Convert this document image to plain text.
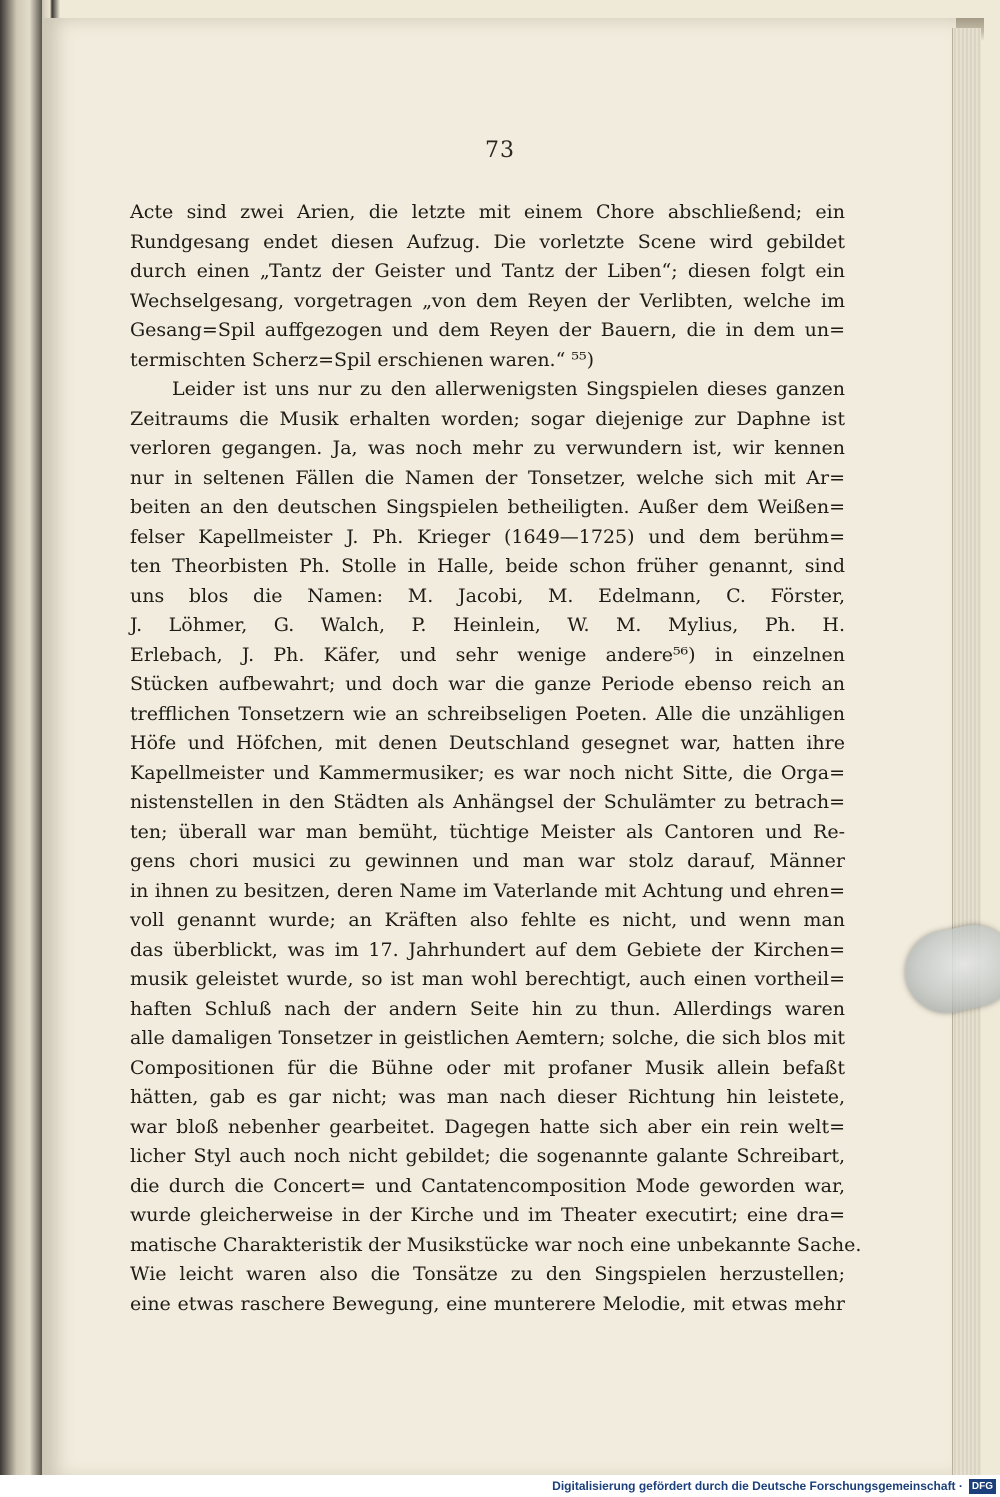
73
Acte sind zwei Arien, die letzte mit einem Chore abschließend; ein
Rundgesang endet diesen Aufzug. Die vorletzte Scene wird gebildet
durch einen „Tantz der Geister und Tantz der Liben“; diesen folgt ein
Wechselgesang, vorgetragen „von dem Reyen der Verlibten, welche im
Gesang=Spil auffgezogen und dem Reyen der Bauern, die in dem un=
termischten Scherz=Spil erschienen waren.“ ⁵⁵)
Leider ist uns nur zu den allerwenigsten Singspielen dieses ganzen
Zeitraums die Musik erhalten worden; sogar diejenige zur Daphne ist
verloren gegangen. Ja, was noch mehr zu verwundern ist, wir kennen
nur in seltenen Fällen die Namen der Tonsetzer, welche sich mit Ar=
beiten an den deutschen Singspielen betheiligten. Außer dem Weißen=
felser Kapellmeister J. Ph. Krieger (1649—1725) und dem berühm=
ten Theorbisten Ph. Stolle in Halle, beide schon früher genannt, sind
uns blos die Namen: M. Jacobi, M. Edelmann, C. Förster,
J. Löhmer, G. Walch, P. Heinlein, W. M. Mylius, Ph. H.
Erlebach, J. Ph. Käfer, und sehr wenige andere⁵⁶) in einzelnen
Stücken aufbewahrt; und doch war die ganze Periode ebenso reich an
trefflichen Tonsetzern wie an schreibseligen Poeten. Alle die unzähligen
Höfe und Höfchen, mit denen Deutschland gesegnet war, hatten ihre
Kapellmeister und Kammermusiker; es war noch nicht Sitte, die Orga=
nistenstellen in den Städten als Anhängsel der Schulämter zu betrach=
ten; überall war man bemüht, tüchtige Meister als Cantoren und Re-
gens chori musici zu gewinnen und man war stolz darauf, Männer
in ihnen zu besitzen, deren Name im Vaterlande mit Achtung und ehren=
voll genannt wurde; an Kräften also fehlte es nicht, und wenn man
das überblickt, was im 17. Jahrhundert auf dem Gebiete der Kirchen=
musik geleistet wurde, so ist man wohl berechtigt, auch einen vortheil=
haften Schluß nach der andern Seite hin zu thun. Allerdings waren
alle damaligen Tonsetzer in geistlichen Aemtern; solche, die sich blos mit
Compositionen für die Bühne oder mit profaner Musik allein befaßt
hätten, gab es gar nicht; was man nach dieser Richtung hin leistete,
war bloß nebenher gearbeitet. Dagegen hatte sich aber ein rein welt=
licher Styl auch noch nicht gebildet; die sogenannte galante Schreibart,
die durch die Concert= und Cantatencomposition Mode geworden war,
wurde gleicherweise in der Kirche und im Theater executirt; eine dra=
matische Charakteristik der Musikstücke war noch eine unbekannte Sache.
Wie leicht waren also die Tonsätze zu den Singspielen herzustellen;
eine etwas raschere Bewegung, eine munterere Melodie, mit etwas mehr
Digitalisierung gefördert durch die Deutsche Forschungsgemeinschaft · DFG
